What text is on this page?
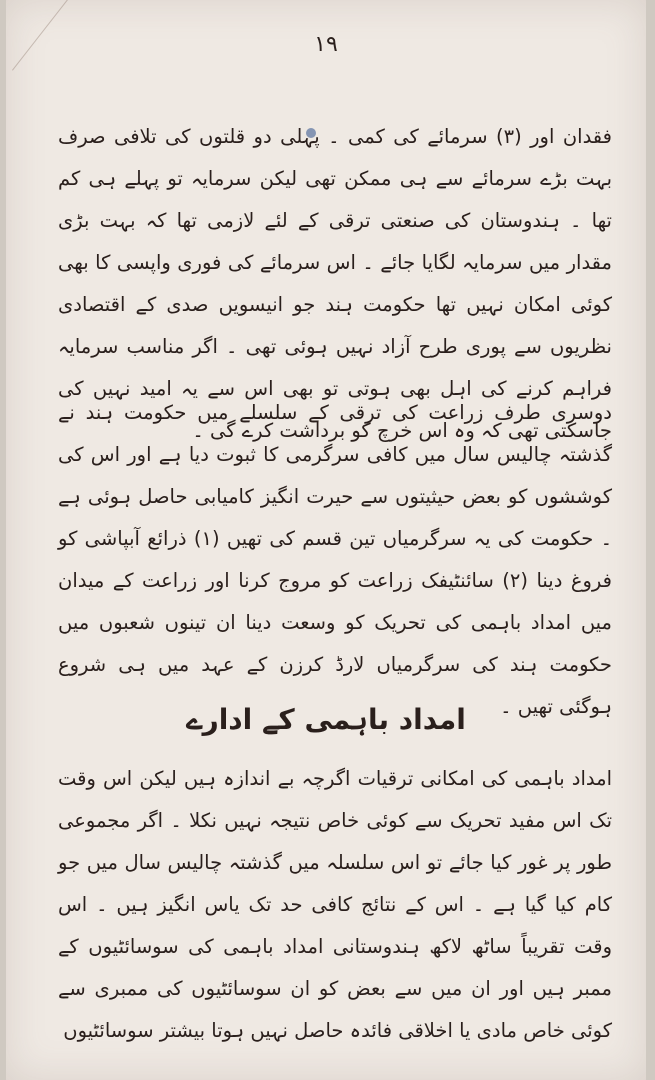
١٩

فقدان اور (٣) سرمائے کی کمی ۔ پہلی دو قلتوں کی تلافی صرف بہت بڑے سرمائے سے ہی ممکن تھی لیکن سرمایہ تو پہلے ہی کم تھا ۔ ہندوستان کی صنعتی ترقی کے لئے لازمی تھا کہ بہت بڑی مقدار میں سرمایہ لگایا جائے ۔ اس سرمائے کی فوری واپسی کا بھی کوئی امکان نہیں تھا حکومت ہند جو انیسویں صدی کے اقتصادی نظریوں سے پوری طرح آزاد نہیں ہوئی تھی ۔ اگر مناسب سرمایہ فراہم کرنے کی اہل بھی ہوتی تو بھی اس سے یہ امید نہیں کی جاسکتی تھی کہ وہ اس خرچ کو برداشت کرے گی ۔

دوسری طرف زراعت کی ترقی کے سلسلے میں حکومت ہند نے گذشتہ چالیس سال میں کافی سرگرمی کا ثبوت دیا ہے اور اس کی کوششوں کو بعض حیثیتوں سے حیرت انگیز کامیابی حاصل ہوئی ہے ۔ حکومت کی یہ سرگرمیاں تین قسم کی تھیں (١) ذرائع آبپاشی کو فروغ دینا (٢) سائنٹیفک زراعت کو مروج کرنا اور زراعت کے میدان میں امداد باہمی کی تحریک کو وسعت دینا ان تینوں شعبوں میں حکومت ہند کی سرگرمیاں لارڈ کرزن کے عہد میں ہی شروع ہوگئی تھیں ۔

امداد باہمی کے ادارے

امداد باہمی کی امکانی ترقیات اگرچہ بے اندازہ ہیں لیکن اس وقت تک اس مفید تحریک سے کوئی خاص نتیجہ نہیں نکلا ۔ اگر مجموعی طور پر غور کیا جائے تو اس سلسلہ میں گذشتہ چالیس سال میں جو کام کیا گیا ہے ۔ اس کے نتائج کافی حد تک یاس انگیز ہیں ۔ اس وقت تقریباً ساٹھ لاکھ ہندوستانی امداد باہمی کی سوسائٹیوں کے ممبر ہیں اور ان میں سے بعض کو ان سوسائٹیوں کی ممبری سے کوئی خاص مادی یا اخلاقی فائدہ حاصل نہیں ہوتا بیشتر سوسائٹیوں
